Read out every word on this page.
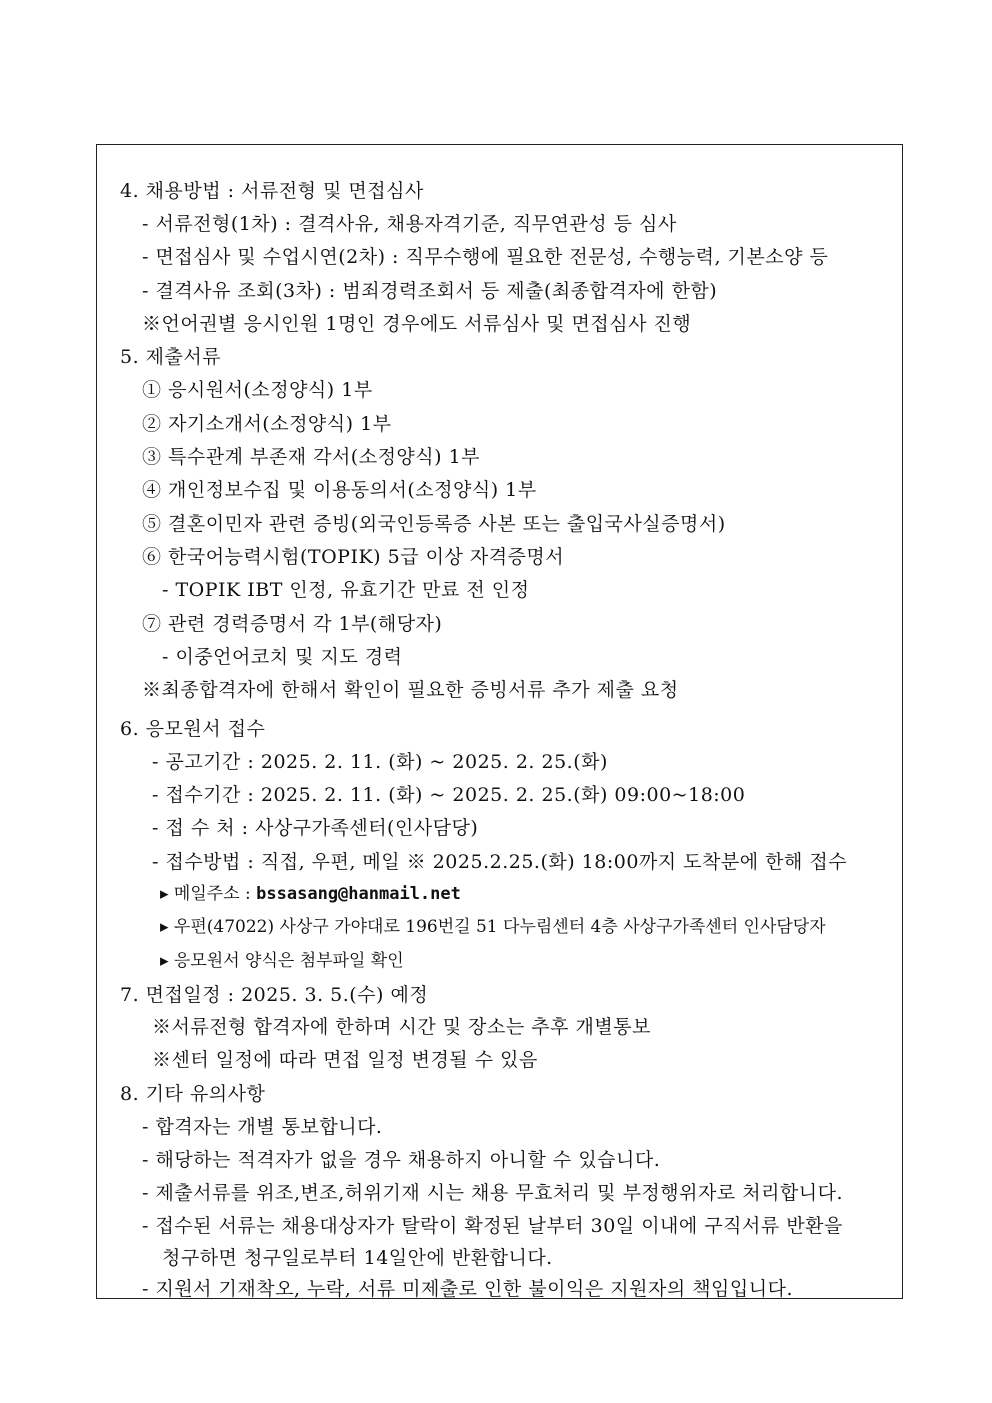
4. 채용방법 : 서류전형 및 면접심사
- 서류전형(1차) : 결격사유, 채용자격기준, 직무연관성 등 심사
- 면접심사 및 수업시연(2차) : 직무수행에 필요한 전문성, 수행능력, 기본소양 등
- 결격사유 조회(3차) : 범죄경력조회서 등 제출(최종합격자에 한함)
※언어권별 응시인원 1명인 경우에도 서류심사 및 면접심사 진행
5. 제출서류
① 응시원서(소정양식) 1부
② 자기소개서(소정양식) 1부
③ 특수관계 부존재 각서(소정양식) 1부
④ 개인정보수집 및 이용동의서(소정양식) 1부
⑤ 결혼이민자 관련 증빙(외국인등록증 사본 또는 출입국사실증명서)
⑥ 한국어능력시험(TOPIK) 5급 이상 자격증명서
- TOPIK IBT 인정, 유효기간 만료 전 인정
⑦ 관련 경력증명서 각 1부(해당자)
- 이중언어코치 및 지도 경력
※최종합격자에 한해서 확인이 필요한 증빙서류 추가 제출 요청
6. 응모원서 접수
- 공고기간 : 2025. 2. 11. (화) ~ 2025. 2. 25.(화)
- 접수기간 : 2025. 2. 11. (화) ~ 2025. 2. 25.(화) 09:00~18:00
- 접 수 처 : 사상구가족센터(인사담당)
- 접수방법 : 직접, 우편, 메일 ※ 2025.2.25.(화) 18:00까지 도착분에 한해 접수
▸ 메일주소 : bssasang@hanmail.net
▸ 우편(47022) 사상구 가야대로 196번길 51 다누림센터 4층 사상구가족센터 인사담당자
▸ 응모원서 양식은 첨부파일 확인
7. 면접일정 : 2025. 3. 5.(수) 예정
※서류전형 합격자에 한하며 시간 및 장소는 추후 개별통보
※센터 일정에 따라 면접 일정 변경될 수 있음
8. 기타 유의사항
- 합격자는 개별 통보합니다.
- 해당하는 적격자가 없을 경우 채용하지 아니할 수 있습니다.
- 제출서류를 위조,변조,허위기재 시는 채용 무효처리 및 부정행위자로 처리합니다.
- 접수된 서류는 채용대상자가 탈락이 확정된 날부터 30일 이내에 구직서류 반환을
청구하면 청구일로부터 14일안에 반환합니다.
- 지원서 기재착오, 누락, 서류 미제출로 인한 불이익은 지원자의 책임입니다.
